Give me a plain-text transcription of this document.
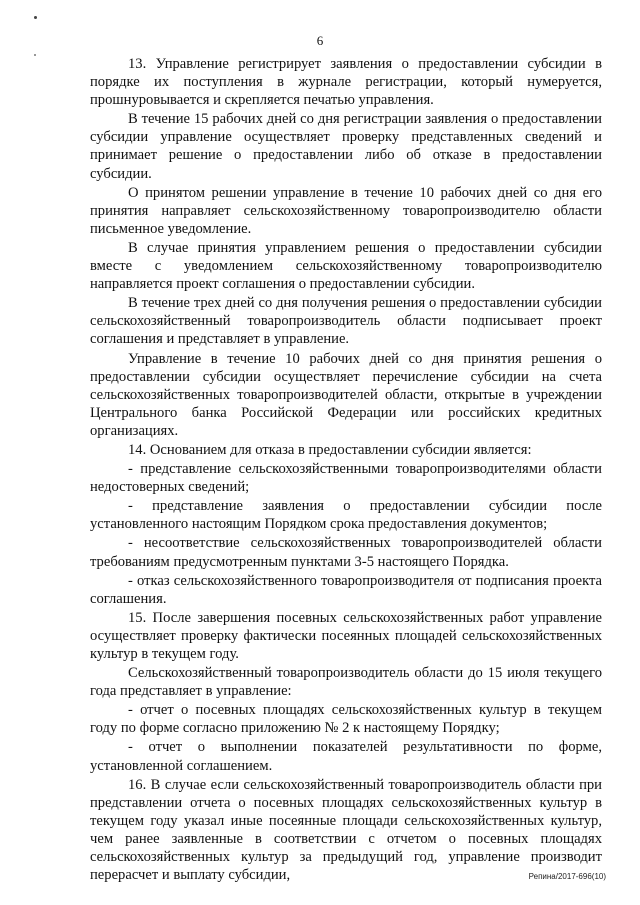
6

13. Управление регистрирует заявления о предоставлении субсидии в порядке их поступления в журнале регистрации, который нумеруется, прошнуровывается и скрепляется печатью управления.

В течение 15 рабочих дней со дня регистрации заявления о предоставлении субсидии управление осуществляет проверку представленных сведений и принимает решение о предоставлении либо об отказе в предоставлении субсидии.

О принятом решении управление в течение 10 рабочих дней со дня его принятия направляет сельскохозяйственному товаропроизводителю области письменное уведомление.

В случае принятия управлением решения о предоставлении субсидии вместе с уведомлением сельскохозяйственному товаропроизводителю направляется проект соглашения о предоставлении субсидии.

В течение трех дней со дня получения решения о предоставлении субсидии сельскохозяйственный товаропроизводитель области подписывает проект соглашения и представляет в управление.

Управление в течение 10 рабочих дней со дня принятия решения о предоставлении субсидии осуществляет перечисление субсидии на счета сельскохозяйственных товаропроизводителей области, открытые в учреждении Центрального банка Российской Федерации или российских кредитных организациях.

14. Основанием для отказа в предоставлении субсидии является:

- представление сельскохозяйственными товаропроизводителями области недостоверных сведений;

- представление заявления о предоставлении субсидии после установленного настоящим Порядком срока предоставления документов;

- несоответствие сельскохозяйственных товаропроизводителей области требованиям предусмотренным пунктами 3-5 настоящего Порядка.

- отказ сельскохозяйственного товаропроизводителя от подписания проекта соглашения.

15. После завершения посевных сельскохозяйственных работ управление осуществляет проверку фактически посеянных площадей сельскохозяйственных культур в текущем году.

Сельскохозяйственный товаропроизводитель области до 15 июля текущего года представляет в управление:

- отчет о посевных площадях сельскохозяйственных культур в текущем году по форме согласно приложению № 2 к настоящему Порядку;

- отчет о выполнении показателей результативности по форме, установленной соглашением.

16. В случае если сельскохозяйственный товаропроизводитель области при представлении отчета о посевных площадях сельскохозяйственных культур в текущем году указал иные посеянные площади сельскохозяйственных культур, чем ранее заявленные в соответствии с отчетом о посевных площадях сельскохозяйственных культур за предыдущий год, управление производит перерасчет и выплату субсидии,	Репина/2017-696(10)
